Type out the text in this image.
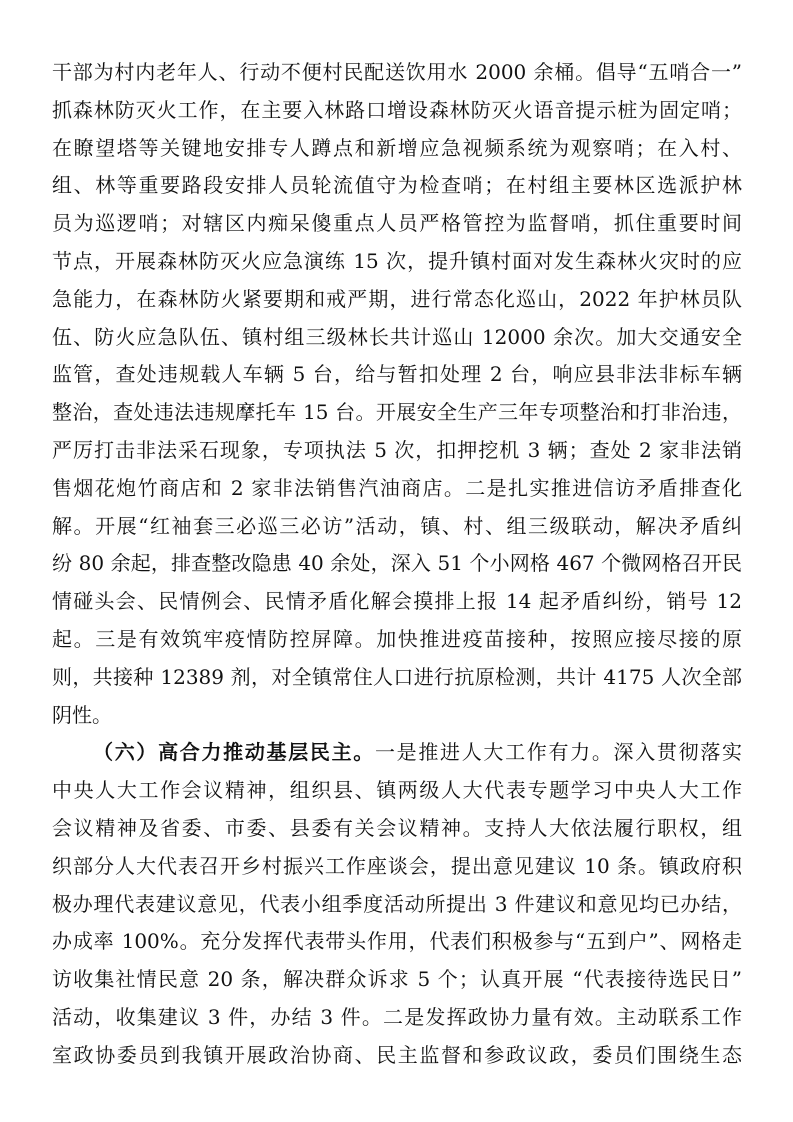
干部为村内老年人、行动不便村民配送饮用水 2000 余桶。倡导“五哨合一”
抓森林防灭火工作，在主要入林路口增设森林防灭火语音提示桩为固定哨；
在瞭望塔等关键地安排专人蹲点和新增应急视频系统为观察哨；在入村、
组、林等重要路段安排人员轮流值守为检查哨；在村组主要林区选派护林
员为巡逻哨；对辖区内痴呆傻重点人员严格管控为监督哨，抓住重要时间
节点，开展森林防灭火应急演练 15 次，提升镇村面对发生森林火灾时的应
急能力，在森林防火紧要期和戒严期，进行常态化巡山，2022 年护林员队
伍、防火应急队伍、镇村组三级林长共计巡山 12000 余次。加大交通安全
监管，查处违规载人车辆 5 台，给与暂扣处理 2 台，响应县非法非标车辆
整治，查处违法违规摩托车 15 台。开展安全生产三年专项整治和打非治违，
严厉打击非法采石现象，专项执法 5 次，扣押挖机 3 辆；查处 2 家非法销
售烟花炮竹商店和 2 家非法销售汽油商店。二是扎实推进信访矛盾排查化
解。开展“红袖套三必巡三必访”活动，镇、村、组三级联动，解决矛盾纠
纷 80 余起，排查整改隐患 40 余处，深入 51 个小网格 467 个微网格召开民
情碰头会、民情例会、民情矛盾化解会摸排上报 14 起矛盾纠纷，销号 12
起。三是有效筑牢疫情防控屏障。加快推进疫苗接种，按照应接尽接的原
则，共接种 12389 剂，对全镇常住人口进行抗原检测，共计 4175 人次全部
阴性。
（六）高合力推动基层民主。一是推进人大工作有力。深入贯彻落实
中央人大工作会议精神，组织县、镇两级人大代表专题学习中央人大工作
会议精神及省委、市委、县委有关会议精神。支持人大依法履行职权，组
织部分人大代表召开乡村振兴工作座谈会，提出意见建议 10 条。镇政府积
极办理代表建议意见，代表小组季度活动所提出 3 件建议和意见均已办结，
办成率 100%。充分发挥代表带头作用，代表们积极参与“五到户”、网格走
访收集社情民意 20 条，解决群众诉求 5 个；认真开展 “代表接待选民日”
活动，收集建议 3 件，办结 3 件。二是发挥政协力量有效。主动联系工作
室政协委员到我镇开展政治协商、民主监督和参政议政，委员们围绕生态
